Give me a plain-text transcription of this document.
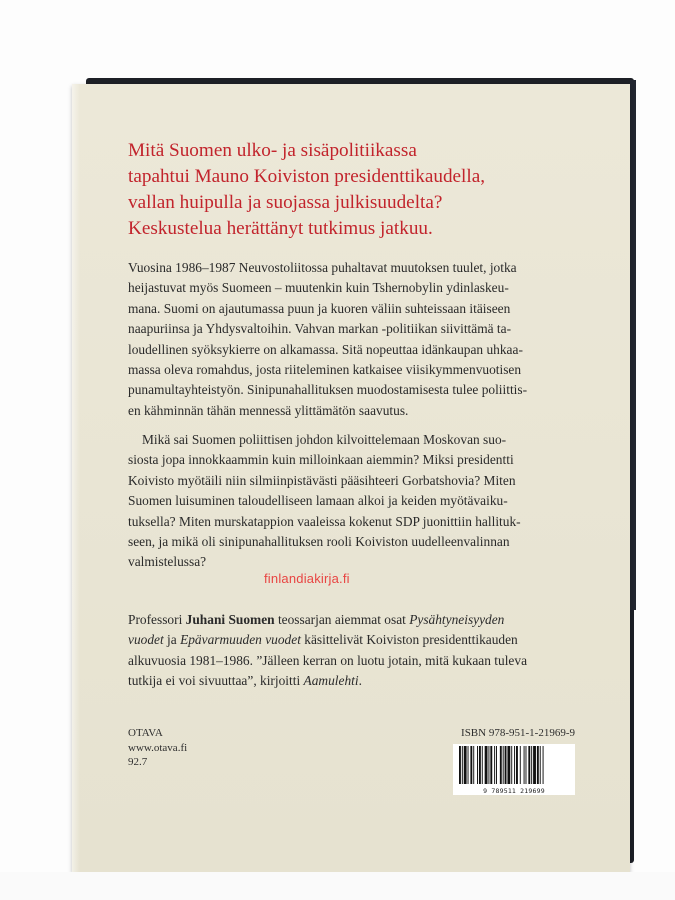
Mitä Suomen ulko- ja sisäpolitiikassa
tapahtui Mauno Koiviston presidenttikaudella,
vallan huipulla ja suojassa julkisuudelta?
Keskustelua herättänyt tutkimus jatkuu.

Vuosina 1986–1987 Neuvostoliitossa puhaltavat muutoksen tuulet, jotka
heijastuvat myös Suomeen – muutenkin kuin Tshernobylin ydinlaskeu-
mana. Suomi on ajautumassa puun ja kuoren väliin suhteissaan itäiseen
naapuriinsa ja Yhdysvaltoihin. Vahvan markan -politiikan siivittämä ta-
loudellinen syöksykierre on alkamassa. Sitä nopeuttaa idänkaupan uhkaa-
massa oleva romahdus, josta riiteleminen katkaisee viisikymmenvuotisen
punamultayhteistyön. Sinipunahallituksen muodostamisesta tulee poliittis-
en kähminnän tähän mennessä ylittämätön saavutus.

Mikä sai Suomen poliittisen johdon kilvoittelemaan Moskovan suo-
siosta jopa innokkaammin kuin milloinkaan aiemmin? Miksi presidentti
Koivisto myötäili niin silmiinpistävästi pääsihteeri Gorbatshovia? Miten
Suomen luisuminen taloudelliseen lamaan alkoi ja keiden myötävaiku-
tuksella? Miten murskatappion vaaleissa kokenut SDP juonittiin hallituk-
seen, ja mikä oli sinipunahallituksen rooli Koiviston uudelleenvalinnan
valmistelussa?

Professori Juhani Suomen teossarjan aiemmat osat Pysähtyneisyyden
vuodet ja Epävarmuuden vuodet käsittelivät Koiviston presidenttikauden
alkuvuosia 1981–1986. ”Jälleen kerran on luotu jotain, mitä kukaan tuleva
tutkija ei voi sivuuttaa”, kirjoitti Aamulehti.

finlandiakirja.fi
OTAVA
www.otava.fi
92.7
ISBN 978-951-1-21969-9
9 789511 219699
